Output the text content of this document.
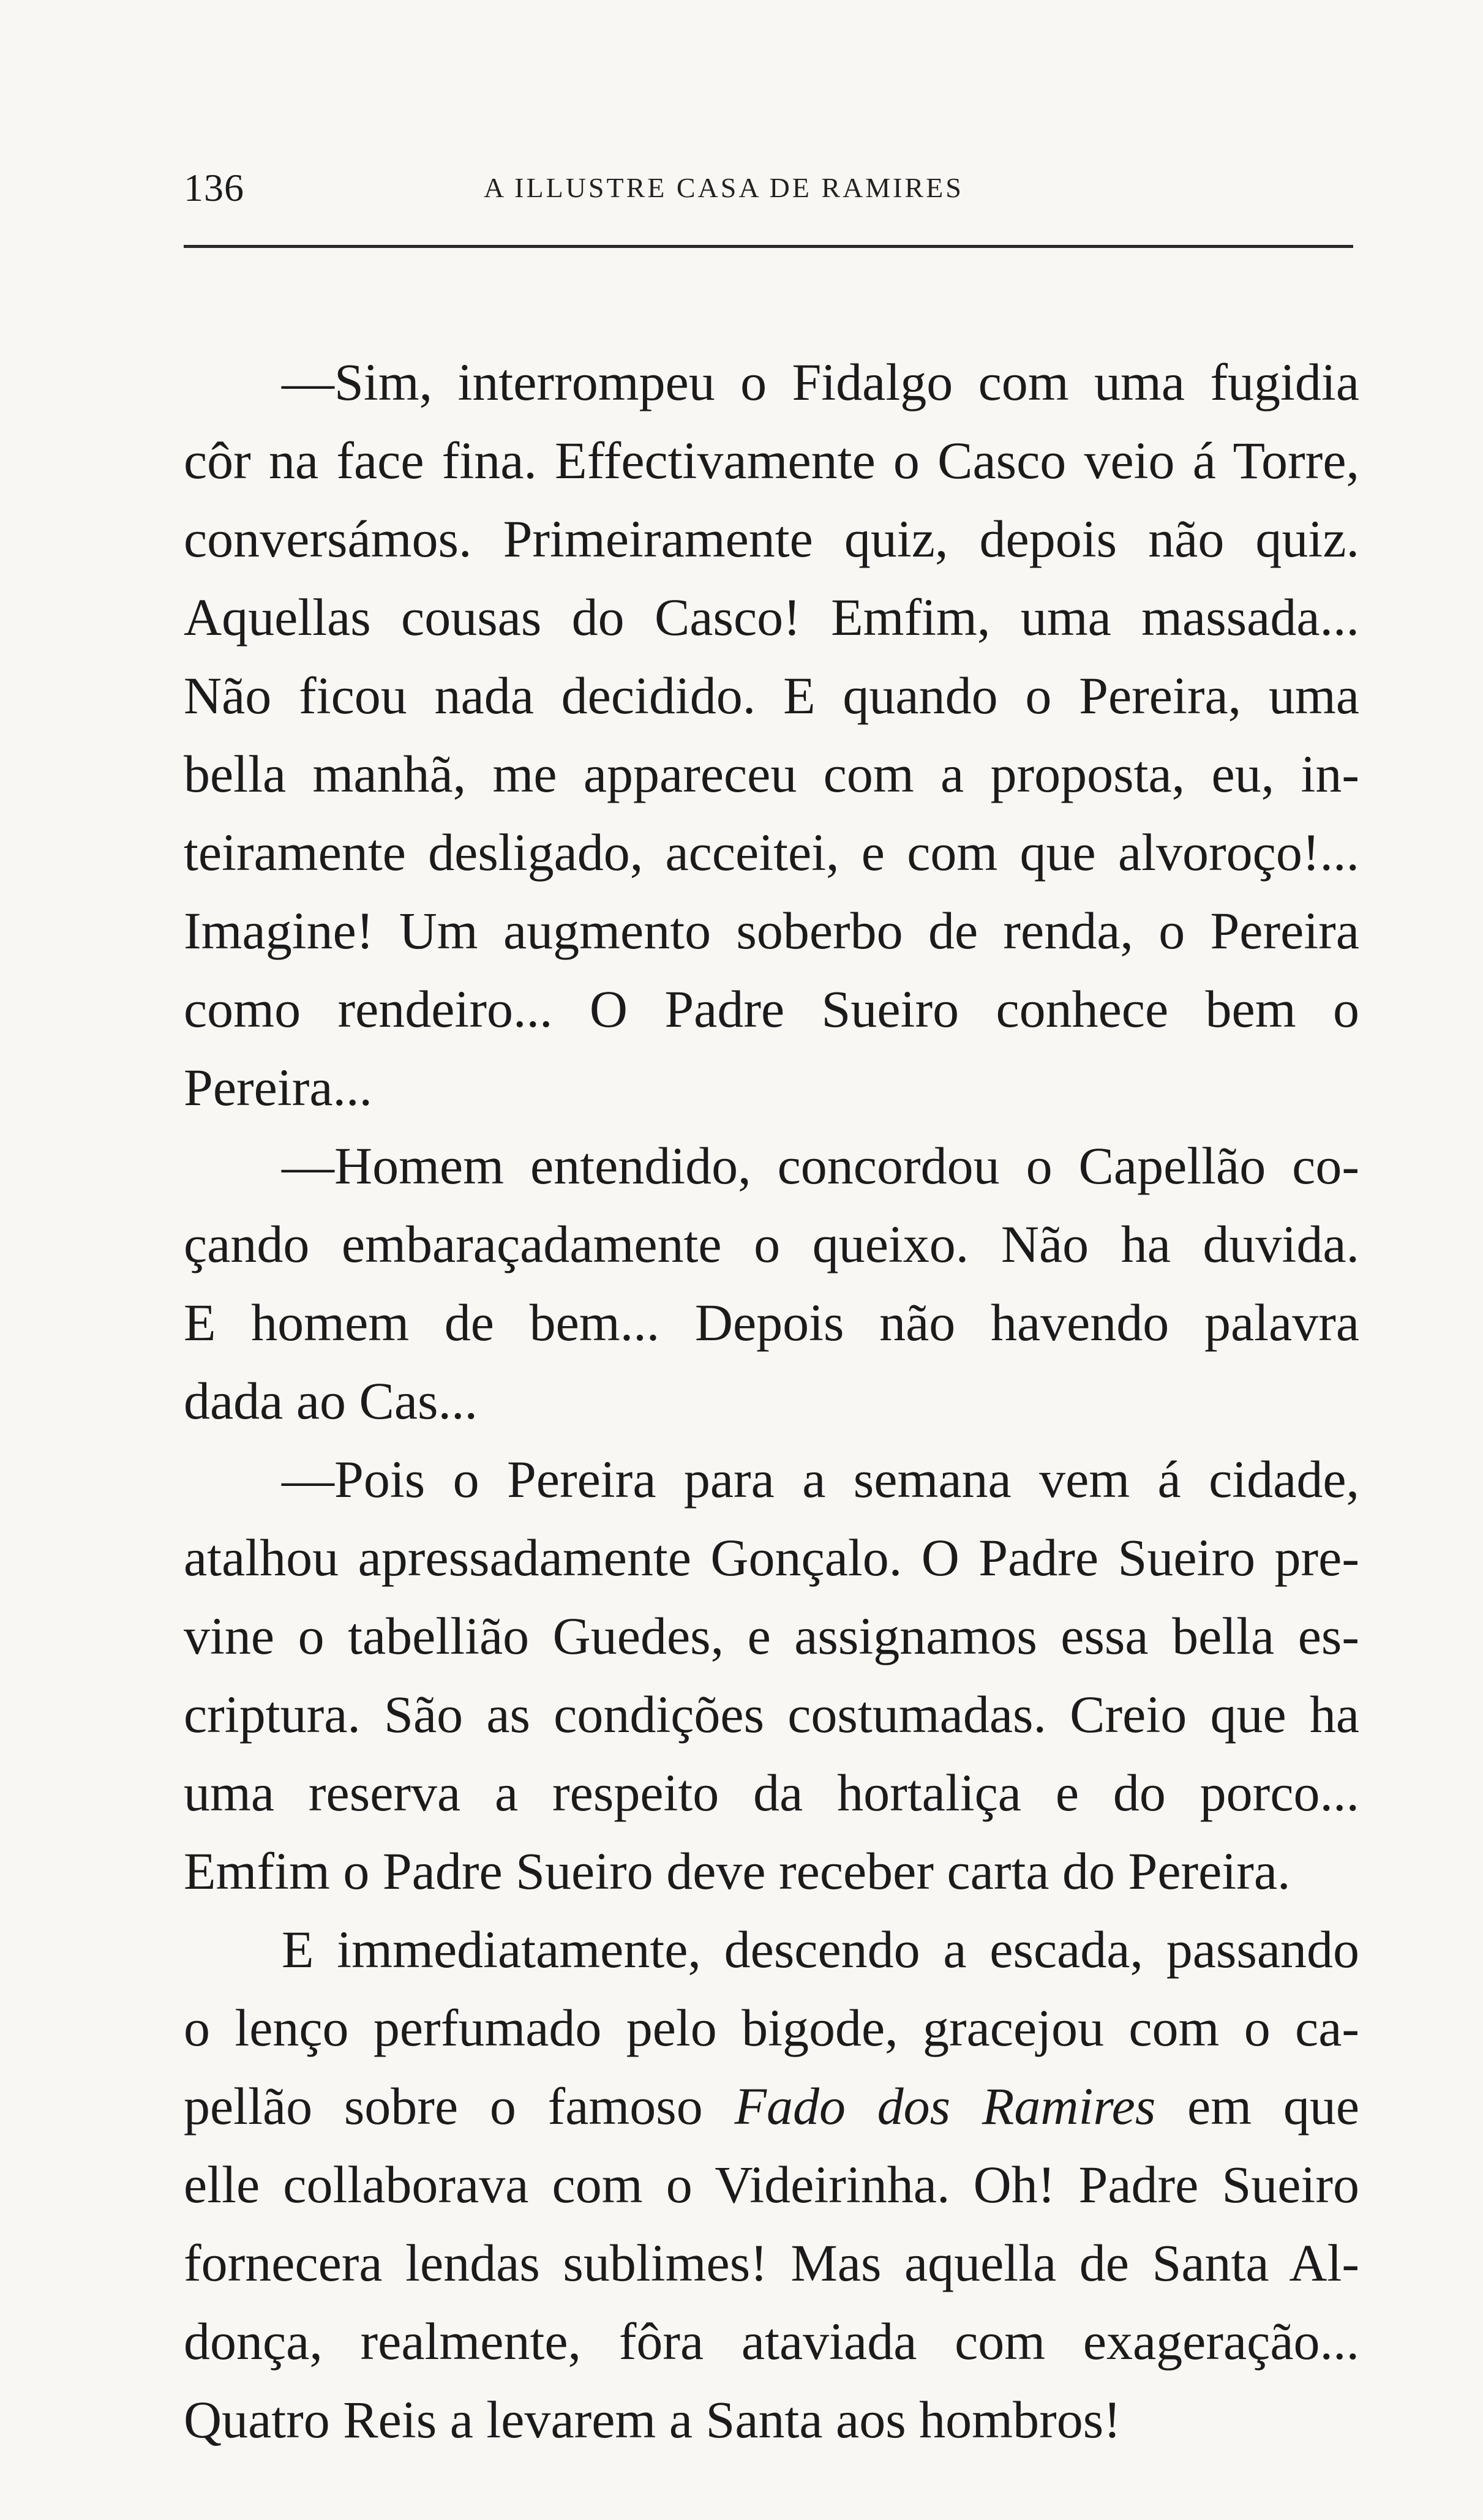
136	A ILLUSTRE CASA DE RAMIRES
—Sim, interrompeu o Fidalgo com uma fugidia
côr na face fina. Effectivamente o Casco veio á Torre,
conversámos. Primeiramente quiz, depois não quiz.
Aquellas cousas do Casco! Emfim, uma massada...
Não ficou nada decidido. E quando o Pereira, uma
bella manhã, me appareceu com a proposta, eu, in-
teiramente desligado, acceitei, e com que alvoroço!...
Imagine! Um augmento soberbo de renda, o Pereira
como rendeiro... O Padre Sueiro conhece bem o
Pereira...
—Homem entendido, concordou o Capellão co-
çando embaraçadamente o queixo. Não ha duvida.
E homem de bem... Depois não havendo palavra
dada ao Cas...
—Pois o Pereira para a semana vem á cidade,
atalhou apressadamente Gonçalo. O Padre Sueiro pre-
vine o tabellião Guedes, e assignamos essa bella es-
criptura. São as condições costumadas. Creio que ha
uma reserva a respeito da hortaliça e do porco...
Emfim o Padre Sueiro deve receber carta do Pereira.
E immediatamente, descendo a escada, passando
o lenço perfumado pelo bigode, gracejou com o ca-
pellão sobre o famoso Fado dos Ramires em que
elle collaborava com o Videirinha. Oh! Padre Sueiro
fornecera lendas sublimes! Mas aquella de Santa Al-
donça, realmente, fôra ataviada com exageração...
Quatro Reis a levarem a Santa aos hombros!
